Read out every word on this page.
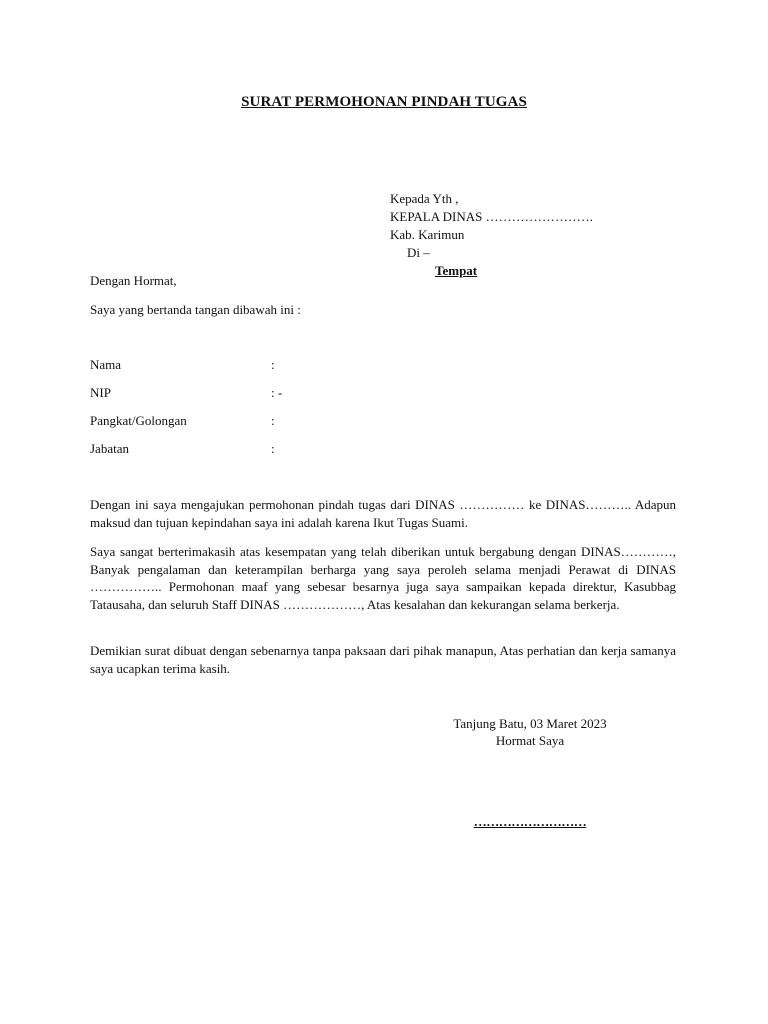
SURAT PERMOHONAN PINDAH TUGAS
Kepada Yth ,
KEPALA DINAS …………………….
Kab. Karimun
Di –
Tempat
Dengan Hormat,
Saya yang bertanda tangan dibawah ini :
Nama	:
NIP	: -
Pangkat/Golongan	:
Jabatan	:
Dengan ini saya mengajukan permohonan pindah tugas dari DINAS …………… ke DINAS……….. Adapun maksud dan tujuan kepindahan saya ini adalah karena Ikut Tugas Suami.
Saya sangat berterimakasih atas kesempatan yang telah diberikan untuk bergabung dengan DINAS…………, Banyak pengalaman dan keterampilan berharga yang saya peroleh selama menjadi Perawat di DINAS …………….. Permohonan maaf yang sebesar besarnya juga saya sampaikan kepada direktur, Kasubbag Tatausaha, dan seluruh Staff DINAS ………………, Atas kesalahan dan kekurangan selama berkerja.
Demikian surat dibuat dengan sebenarnya tanpa paksaan dari pihak manapun, Atas perhatian dan kerja samanya saya ucapkan terima kasih.
Tanjung Batu, 03 Maret 2023
Hormat Saya
………………………
